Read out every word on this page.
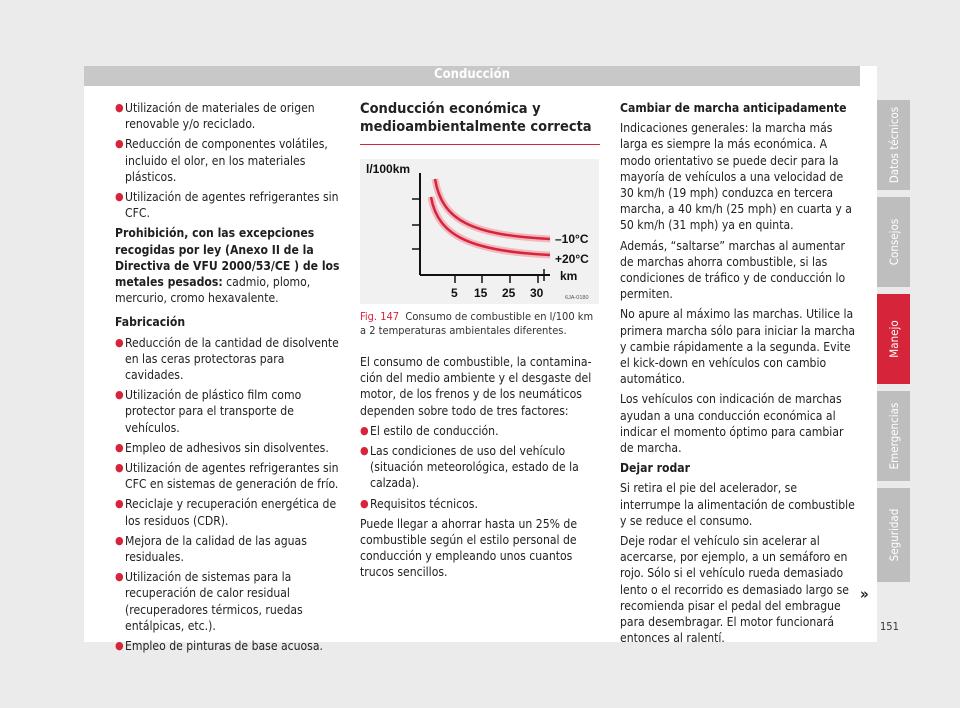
Conducción

● Utilización de materiales de origen renovable y/o reciclado.

● Reducción de componentes volátiles, incluido el olor, en los materiales plásticos.

● Utilización de agentes refrigerantes sin CFC.

Prohibición, con las excepciones recogidas por ley (Anexo II de la Directiva de VFU 2000/53/CE ) de los metales pesados: cadmio, plomo, mercurio, cromo hexavalente.

Fabricación

● Reducción de la cantidad de disolvente en las ceras protectoras para cavidades.

● Utilización de plástico film como protector para el transporte de vehículos.

● Empleo de adhesivos sin disolventes.

● Utilización de agentes refrigerantes sin CFC en sistemas de generación de frío.

● Reciclaje y recuperación energética de los residuos (CDR).

● Mejora de la calidad de las aguas residuales.

● Utilización de sistemas para la recuperación de calor residual (recuperadores térmicos, ruedas entálpicas, etc.).

● Empleo de pinturas de base acuosa.

Conducción económica y medioambientalmente correcta
l/100km
–10°C
+20°C
km
5 15 25 30	6JA-0180
Fig. 147 Consumo de combustible en l/100 km a 2 temperaturas ambientales diferentes.

El consumo de combustible, la contaminación del medio ambiente y el desgaste del motor, de los frenos y de los neumáticos dependen sobre todo de tres factores:

● El estilo de conducción.

● Las condiciones de uso del vehículo (situación meteorológica, estado de la calzada).

● Requisitos técnicos.

Puede llegar a ahorrar hasta un 25% de combustible según el estilo personal de conducción y empleando unos cuantos trucos sencillos.

Cambiar de marcha anticipadamente

Indicaciones generales: la marcha más larga es siempre la más económica. A modo orientativo se puede decir para la mayoría de vehículos a una velocidad de 30 km/h (19 mph) conduzca en tercera marcha, a 40 km/h (25 mph) en cuarta y a 50 km/h (31 mph) ya en quinta.

Además, “saltarse” marchas al aumentar de marchas ahorra combustible, si las condiciones de tráfico y de conducción lo permiten.

No apure al máximo las marchas. Utilice la primera marcha sólo para iniciar la marcha y cambie rápidamente a la segunda. Evite el kick-down en vehículos con cambio automático.

Los vehículos con indicación de marchas ayudan a una conducción económica al indicar el momento óptimo para cambiar de marcha.

Dejar rodar

Si retira el pie del acelerador, se interrumpe la alimentación de combustible y se reduce el consumo.

Deje rodar el vehículo sin acelerar al acercarse, por ejemplo, a un semáforo en rojo. Sólo si el vehículo rueda demasiado lento o el recorrido es demasiado largo se recomienda pisar el pedal del embrague para desembragar. El motor funcionará entonces al ralentí.

»
Datos técnicos
Consejos
Manejo
Emergencias
Seguridad
151
